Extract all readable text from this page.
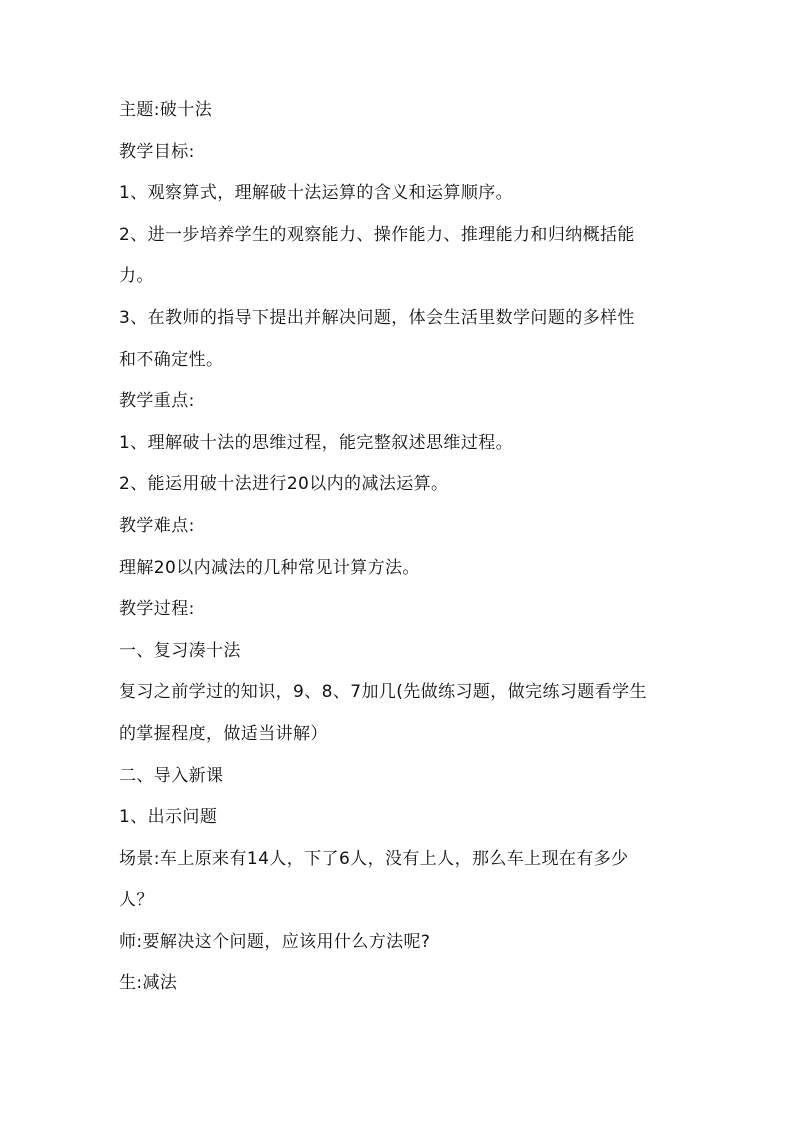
主题:破十法
教学目标:
1、观察算式，理解破十法运算的含义和运算顺序。
2、进一步培养学生的观察能力、操作能力、推理能力和归纳概括能
力。
3、在教师的指导下提出并解决问题，体会生活里数学问题的多样性
和不确定性。
教学重点:
1、理解破十法的思维过程，能完整叙述思维过程。
2、能运用破十法进行20以内的减法运算。
教学难点:
理解20以内减法的几种常见计算方法。
教学过程:
一、复习凑十法
复习之前学过的知识，9、8、7加几(先做练习题，做完练习题看学生
的掌握程度，做适当讲解）
二、导入新课
1、出示问题
场景:车上原来有14人，下了6人，没有上人，那么车上现在有多少
人？
师:要解决这个问题，应该用什么方法呢?
生:减法
